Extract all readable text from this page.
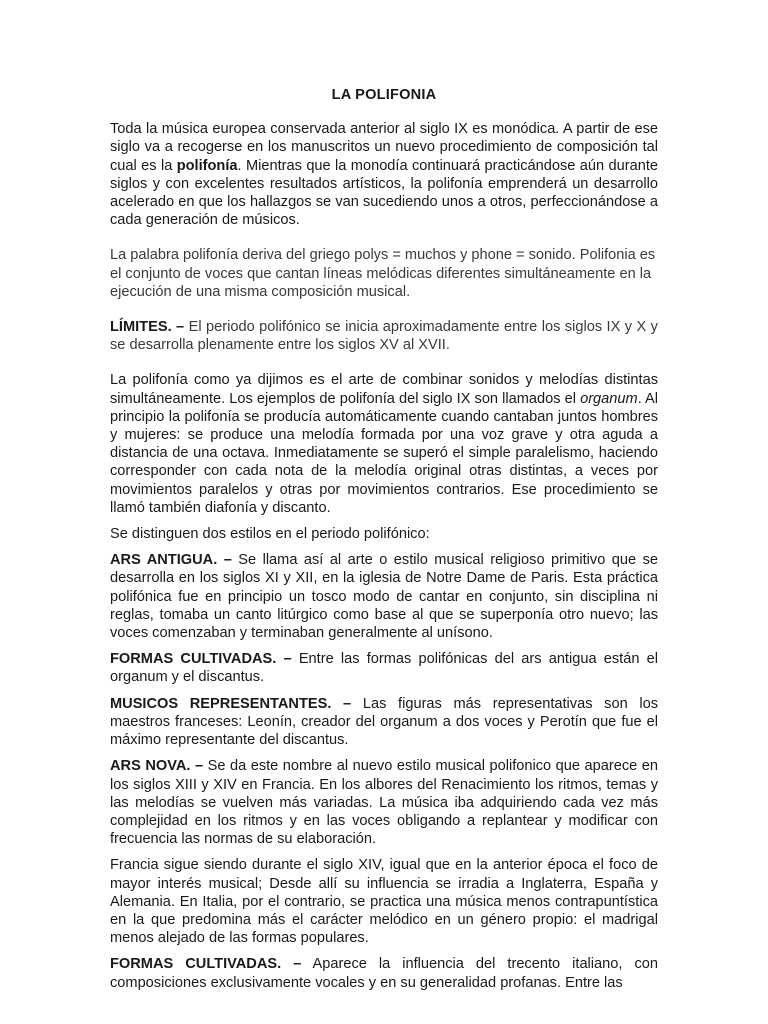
LA POLIFONIA

Toda la música europea conservada anterior al siglo IX es monódica. A partir de ese siglo va a recogerse en los manuscritos un nuevo procedimiento de composición tal cual es la polifonía. Mientras que la monodía continuará practicándose aún durante siglos y con excelentes resultados artísticos, la polifonía emprenderá un desarrollo acelerado en que los hallazgos se van sucediendo unos a otros, perfeccionándose a cada generación de músicos.

La palabra polifonía deriva del griego polys = muchos y phone = sonido. Polifonia es el conjunto de voces que cantan líneas melódicas diferentes simultáneamente en la ejecución de una misma composición musical.

LÍMITES. – El periodo polifónico se inicia aproximadamente entre los siglos IX y X y se desarrolla plenamente entre los siglos XV al XVII.

La polifonía como ya dijimos es el arte de combinar sonidos y melodías distintas simultáneamente. Los ejemplos de polifonía del siglo IX son llamados el organum. Al principio la polifonía se producía automáticamente cuando cantaban juntos hombres y mujeres: se produce una melodía formada por una voz grave y otra aguda a distancia de una octava. Inmediatamente se superó el simple paralelismo, haciendo corresponder con cada nota de la melodía original otras distintas, a veces por movimientos paralelos y otras por movimientos contrarios. Ese procedimiento se llamó también diafonía y discanto.

Se distinguen dos estilos en el periodo polifónico:

ARS ANTIGUA. – Se llama así al arte o estilo musical religioso primitivo que se desarrolla en los siglos XI y XII, en la iglesia de Notre Dame de Paris. Esta práctica polifónica fue en principio un tosco modo de cantar en conjunto, sin disciplina ni reglas, tomaba un canto litúrgico como base al que se superponía otro nuevo; las voces comenzaban y terminaban generalmente al unísono.

FORMAS CULTIVADAS. – Entre las formas polifónicas del ars antigua están el organum y el discantus.

MUSICOS REPRESENTANTES. – Las figuras más representativas son los maestros franceses: Leonín, creador del organum a dos voces y Perotín que fue el máximo representante del discantus.

ARS NOVA. – Se da este nombre al nuevo estilo musical polifonico que aparece en los siglos XIII y XIV en Francia. En los albores del Renacimiento los ritmos, temas y las melodías se vuelven más variadas. La música iba adquiriendo cada vez más complejidad en los ritmos y en las voces obligando a replantear y modificar con frecuencia las normas de su elaboración.

Francia sigue siendo durante el siglo XIV, igual que en la anterior época el foco de mayor interés musical; Desde allí su influencia se irradia a Inglaterra, España y Alemania. En Italia, por el contrario, se practica una música menos contrapuntística en la que predomina más el carácter melódico en un género propio: el madrigal menos alejado de las formas populares.

FORMAS CULTIVADAS. – Aparece la influencia del trecento italiano, con composiciones exclusivamente vocales y en su generalidad profanas. Entre las
